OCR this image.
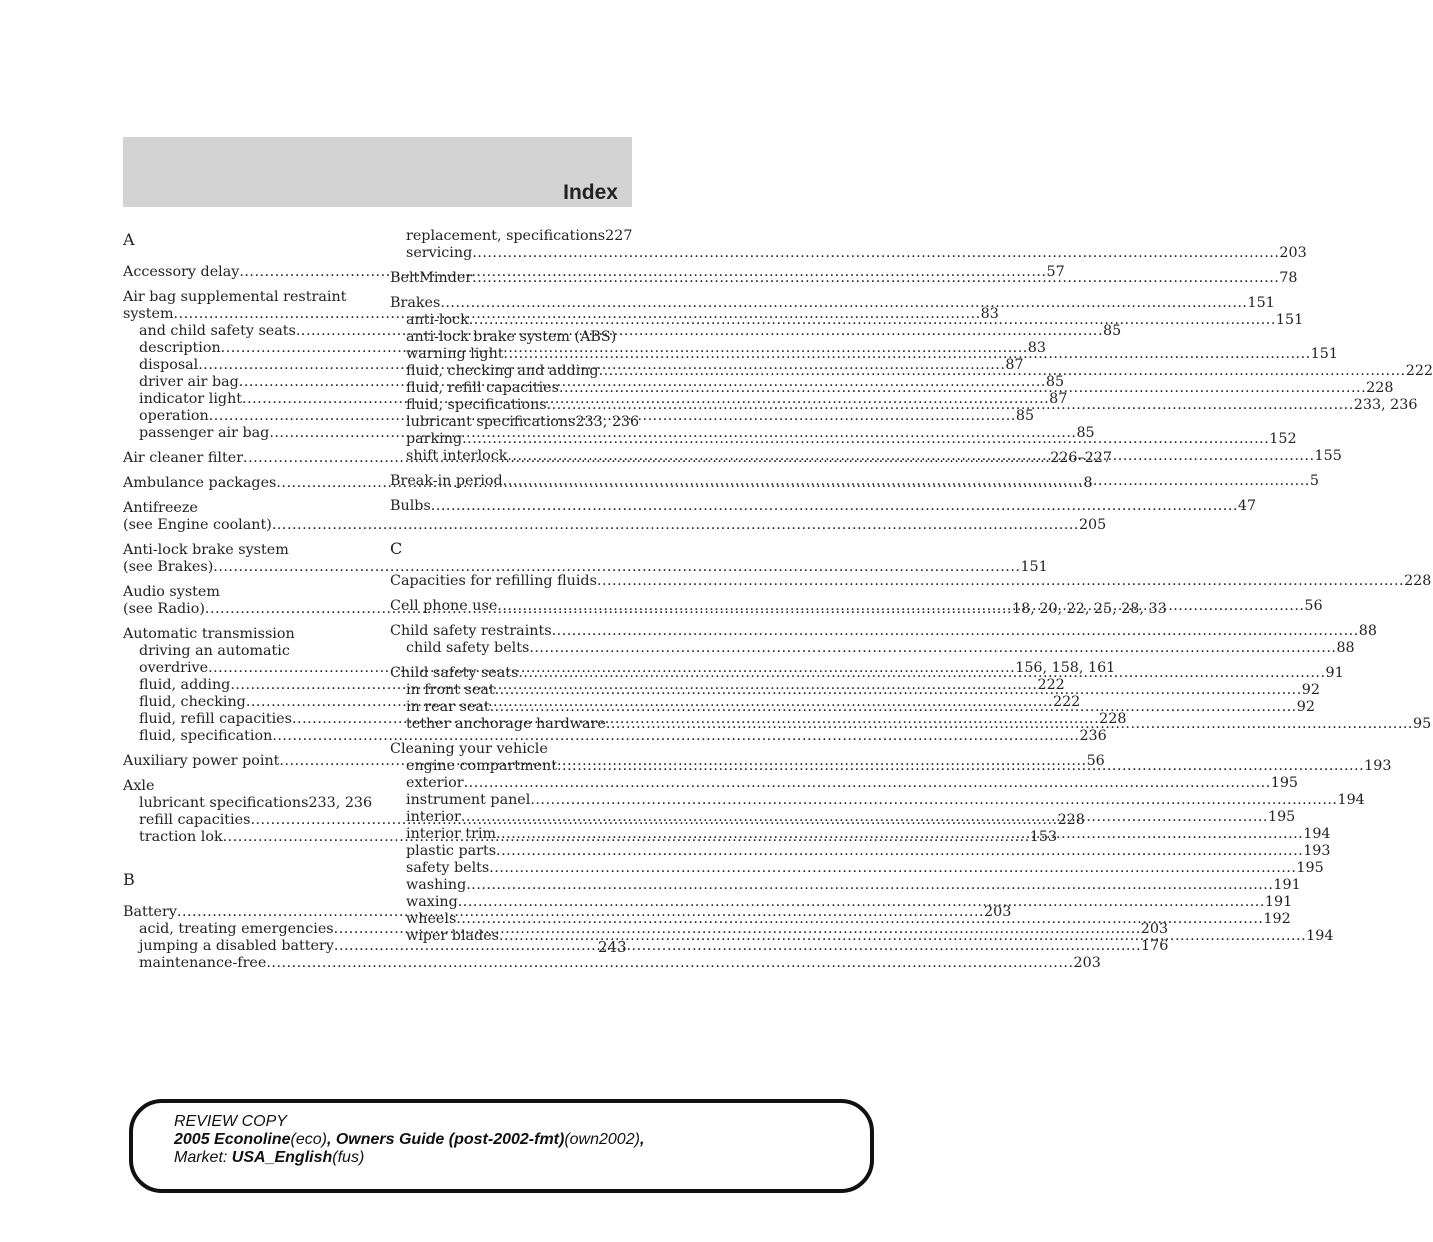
Index
A
Accessory delay .....	57
Air bag supplemental restraint
system .....	83
and child safety seats .....	85
description .....	83
disposal .....	87
driver air bag .....	85
indicator light .....	87
operation .....	85
passenger air bag .....	85
Air cleaner filter .....	226–227
Ambulance packages .....	8
Antifreeze
(see Engine coolant) .....	205
Anti-lock brake system
(see Brakes) .....	151
Audio system
(see Radio) .....	18, 20, 22, 25, 28, 33
Automatic transmission
driving an automatic
overdrive .....	156, 158, 161
fluid, adding .....	222
fluid, checking .....	222
fluid, refill capacities .....	228
fluid, specification .....	236
Auxiliary power point .....	56
Axle
lubricant specifications 233, 236
refill capacities .....	228
traction lok .....	153
B
Battery .....	203
acid, treating emergencies .....	203
jumping a disabled battery .....	176
maintenance-free .....	203
replacement, specifications 227
servicing .....	203
BeltMinder .....	78
Brakes .....	151
anti-lock .....	151
anti-lock brake system (ABS)
warning light .....	151
fluid, checking and adding .....	222
fluid, refill capacities .....	228
fluid, specifications .....	233, 236
lubricant specifications 233, 236
parking .....	152
shift interlock .....	155
Break-in period .....	5
Bulbs .....	47
C
Capacities for refilling fluids .....	228
Cell phone use .....	56
Child safety restraints .....	88
child safety belts .....	88
Child safety seats .....	91
in front seat .....	92
in rear seat .....	92
tether anchorage hardware .....	95
Cleaning your vehicle
engine compartment .....	193
exterior .....	195
instrument panel .....	194
interior .....	195
interior trim .....	194
plastic parts .....	193
safety belts .....	195
washing .....	191
waxing .....	191
wheels .....	192
wiper blades .....	194
243
REVIEW COPY
2005 Econoline(eco), Owners Guide (post-2002-fmt)(own2002),
Market: USA_English(fus)
